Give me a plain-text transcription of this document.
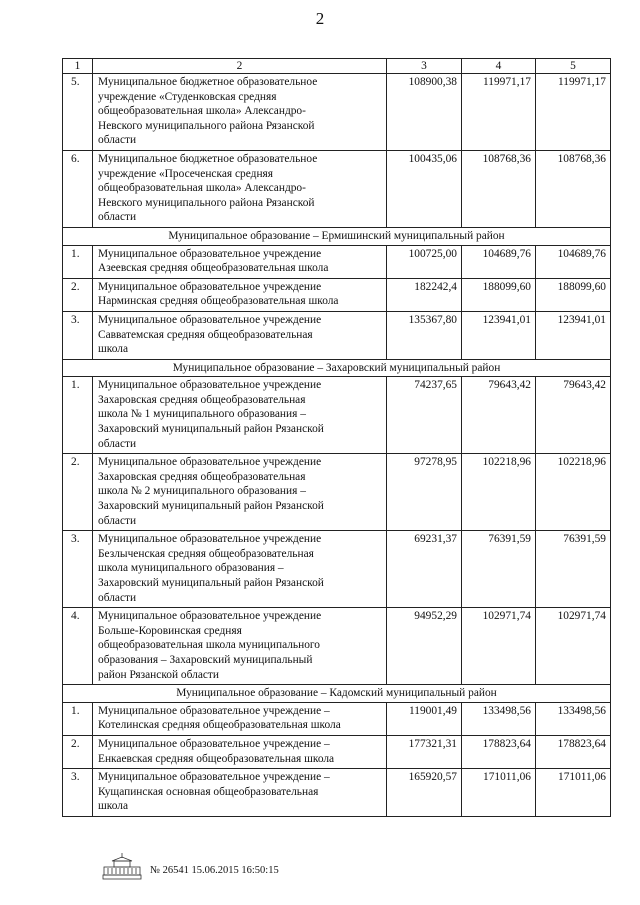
2
1	2	3	4	5
5.	Муниципальное бюджетное образовательное
учреждение «Студенковская средняя
общеобразовательная школа» Александро-
Невского муниципального района Рязанской
области	108900,38	119971,17	119971,17
6.	Муниципальное бюджетное образовательное
учреждение «Просеченская средняя
общеобразовательная школа» Александро-
Невского муниципального района Рязанской
области	100435,06	108768,36	108768,36
Муниципальное образование – Ермишинский муниципальный район				
1.	Муниципальное образовательное учреждение
Азеевская средняя общеобразовательная школа	100725,00	104689,76	104689,76
2.	Муниципальное образовательное учреждение
Нарминская средняя общеобразовательная школа	182242,4	188099,60	188099,60
3.	Муниципальное образовательное учреждение
Савватемская средняя общеобразовательная
школа	135367,80	123941,01	123941,01
Муниципальное образование – Захаровский муниципальный район				
1.	Муниципальное образовательное учреждение
Захаровская средняя общеобразовательная
школа № 1 муниципального образования –
Захаровский муниципальный район Рязанской
области	74237,65	79643,42	79643,42
2.	Муниципальное образовательное учреждение
Захаровская средняя общеобразовательная
школа № 2 муниципального образования –
Захаровский муниципальный район Рязанской
области	97278,95	102218,96	102218,96
3.	Муниципальное образовательное учреждение
Безлыченская средняя общеобразовательная
школа муниципального образования –
Захаровский муниципальный район Рязанской
области	69231,37	76391,59	76391,59
4.	Муниципальное образовательное учреждение
Больше-Коровинская средняя
общеобразовательная школа муниципального
образования – Захаровский муниципальный
район Рязанской области	94952,29	102971,74	102971,74
Муниципальное образование – Кадомский муниципальный район				
1.	Муниципальное образовательное учреждение –
Котелинская средняя общеобразовательная школа	119001,49	133498,56	133498,56
2.	Муниципальное образовательное учреждение –
Енкаевская средняя общеобразовательная школа	177321,31	178823,64	178823,64
3.	Муниципальное образовательное учреждение –
Кущапинская основная общеобразовательная
школа	165920,57	171011,06	171011,06
№ 26541 15.06.2015 16:50:15
